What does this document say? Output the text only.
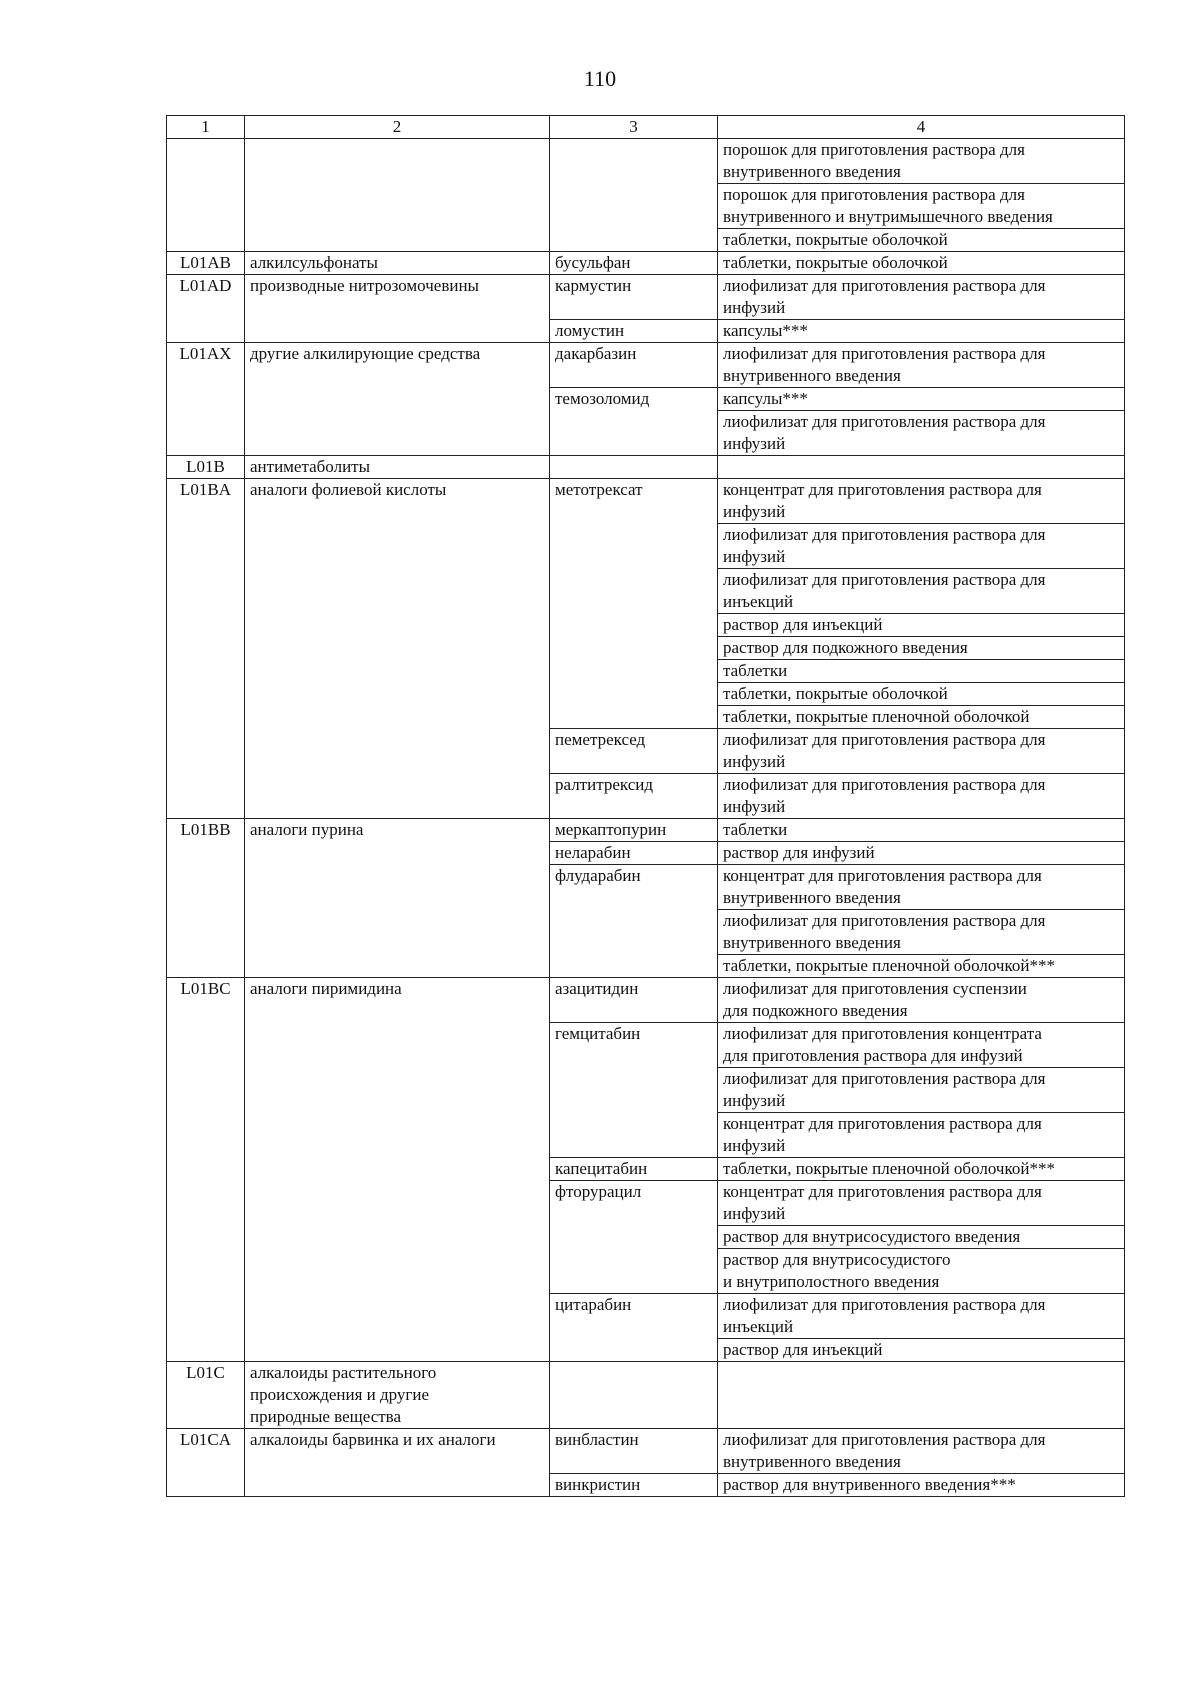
110
1	2	3	4
			порошок для приготовления раствора для
внутривенного введения
			порошок для приготовления раствора для
внутривенного и внутримышечного введения
			таблетки, покрытые оболочкой
L01AB	алкилсульфонаты	бусульфан	таблетки, покрытые оболочкой
L01AD	производные нитрозомочевины	кармустин	лиофилизат для приготовления раствора для
инфузий
		ломустин	капсулы***
L01AX	другие алкилирующие средства	дакарбазин	лиофилизат для приготовления раствора для
внутривенного введения
		темозоломид	капсулы***
			лиофилизат для приготовления раствора для
инфузий
L01B	антиметаболиты		
L01BA	аналоги фолиевой кислоты	метотрексат	концентрат для приготовления раствора для
инфузий
			лиофилизат для приготовления раствора для
инфузий
			лиофилизат для приготовления раствора для
инъекций
			раствор для инъекций
			раствор для подкожного введения
			таблетки
			таблетки, покрытые оболочкой
			таблетки, покрытые пленочной оболочкой
		пеметрексед	лиофилизат для приготовления раствора для
инфузий
		ралтитрексид	лиофилизат для приготовления раствора для
инфузий
L01BB	аналоги пурина	меркаптопурин	таблетки
		неларабин	раствор для инфузий
		флударабин	концентрат для приготовления раствора для
внутривенного введения
			лиофилизат для приготовления раствора для
внутривенного введения
			таблетки, покрытые пленочной оболочкой***
L01BC	аналоги пиримидина	азацитидин	лиофилизат для приготовления суспензии
для подкожного введения
		гемцитабин	лиофилизат для приготовления концентрата
для приготовления раствора для инфузий
			лиофилизат для приготовления раствора для
инфузий
			концентрат для приготовления раствора для
инфузий
		капецитабин	таблетки, покрытые пленочной оболочкой***
		фторурацил	концентрат для приготовления раствора для
инфузий
			раствор для внутрисосудистого введения
			раствор для внутрисосудистого
и внутриполостного введения
		цитарабин	лиофилизат для приготовления раствора для
инъекций
			раствор для инъекций
L01C	алкалоиды растительного
происхождения и другие
природные вещества		
L01CA	алкалоиды барвинка и их аналоги	винбластин	лиофилизат для приготовления раствора для
внутривенного введения
		винкристин	раствор для внутривенного введения***
